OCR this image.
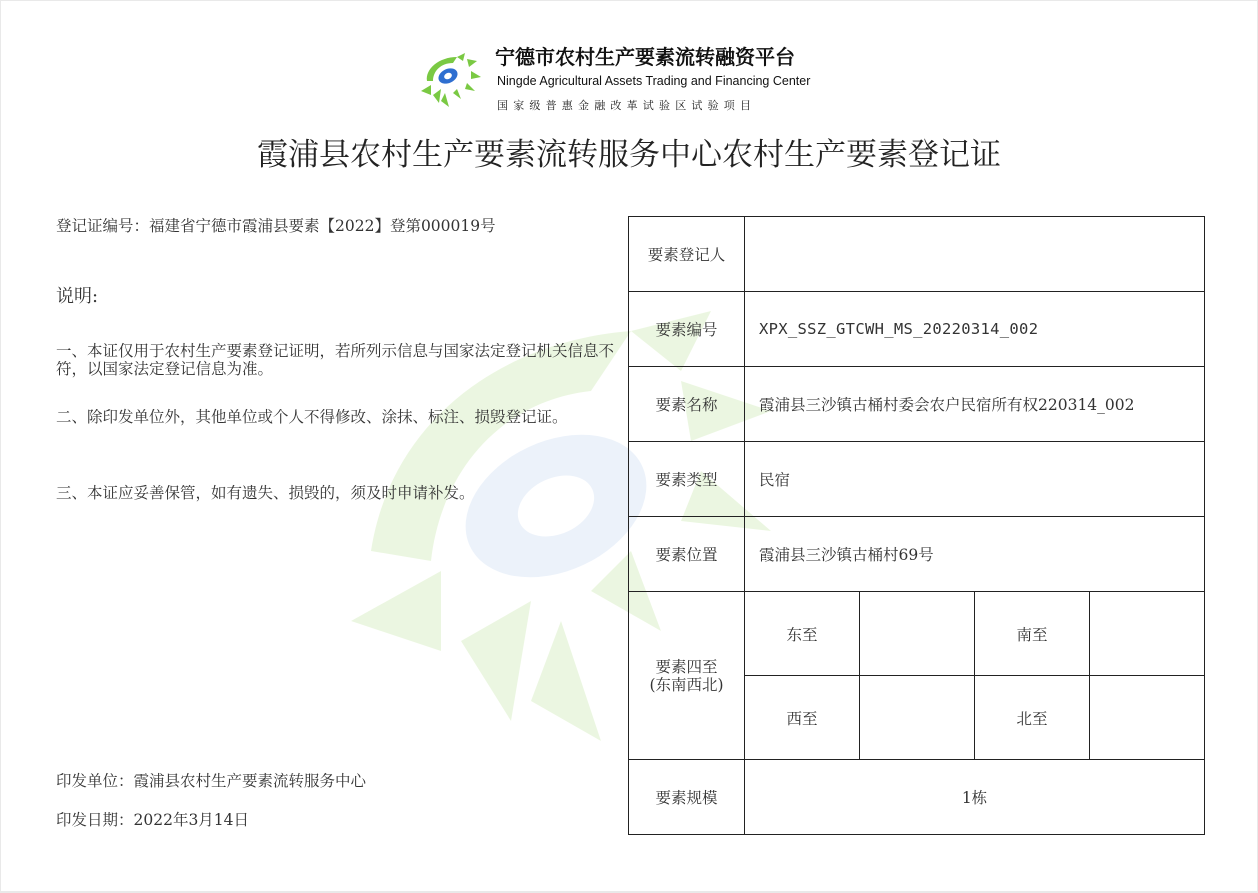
宁德市农村生产要素流转融资平台
Ningde Agricultural Assets Trading and Financing Center
国家级普惠金融改革试验区试验项目
霞浦县农村生产要素流转服务中心农村生产要素登记证
登记证编号：福建省宁德市霞浦县要素【2022】登第000019号
说明:
一、本证仅用于农村生产要素登记证明，若所列示信息与国家法定登记机关信息不符，以国家法定登记信息为准。
二、除印发单位外，其他单位或个人不得修改、涂抹、标注、损毁登记证。
三、本证应妥善保管，如有遗失、损毁的，须及时申请补发。
印发单位：霞浦县农村生产要素流转服务中心
印发日期：2022年3月14日
要素登记人				
要素编号	XPX_SSZ_GTCWH_MS_20220314_002			
要素名称	霞浦县三沙镇古桶村委会农户民宿所有权220314_002			
要素类型	民宿			
要素位置	霞浦县三沙镇古桶村69号			

要素四至
(东南西北)	东至		南至	
	西至		北至	
要素规模	1栋			
